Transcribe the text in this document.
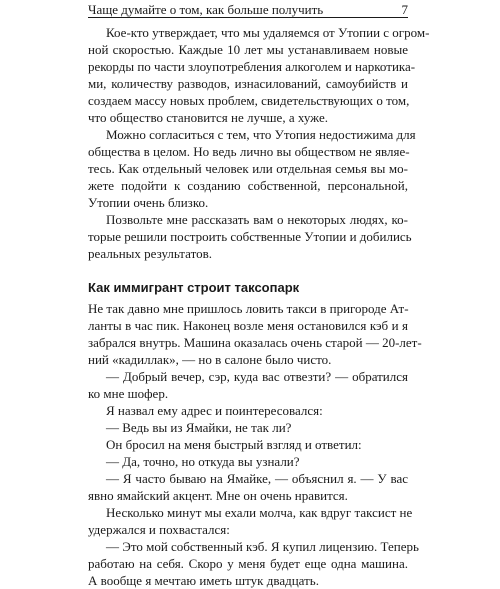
Чаще думайте о том, как больше получить	7
Кое-кто утверждает, что мы удаляемся от Утопии с огром-
ной скоростью. Каждые 10 лет мы устанавливаем новые
рекорды по части злоупотребления алкоголем и наркотика-
ми, количеству разводов, изнасилований, самоубийств и
создаем массу новых проблем, свидетельствующих о том,
что общество становится не лучше, а хуже.
Можно согласиться с тем, что Утопия недостижима для
общества в целом. Но ведь лично вы обществом не являе-
тесь. Как отдельный человек или отдельная семья вы мо-
жете подойти к созданию собственной, персональной,
Утопии очень близко.
Позвольте мне рассказать вам о некоторых людях, ко-
торые решили построить собственные Утопии и добились
реальных результатов.
Как иммигрант строит таксопарк
Не так давно мне пришлось ловить такси в пригороде Ат-
ланты в час пик. Наконец возле меня остановился кэб и я
забрался внутрь. Машина оказалась очень старой — 20-лет-
ний «кадиллак», — но в салоне было чисто.
— Добрый вечер, сэр, куда вас отвезти? — обратился
ко мне шофер.
Я назвал ему адрес и поинтересовался:
— Ведь вы из Ямайки, не так ли?
Он бросил на меня быстрый взгляд и ответил:
— Да, точно, но откуда вы узнали?
— Я часто бываю на Ямайке, — объяснил я. — У вас
явно ямайский акцент. Мне он очень нравится.
Несколько минут мы ехали молча, как вдруг таксист не
удержался и похвастался:
— Это мой собственный кэб. Я купил лицензию. Теперь
работаю на себя. Скоро у меня будет еще одна машина.
А вообще я мечтаю иметь штук двадцать.
